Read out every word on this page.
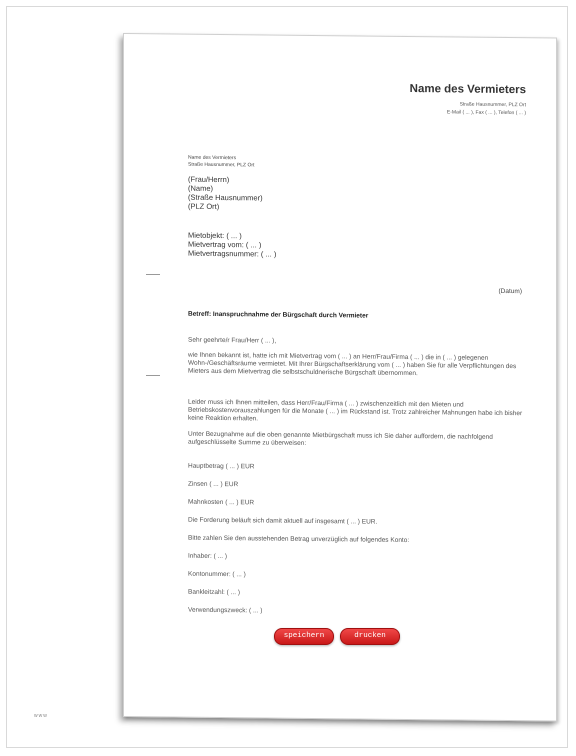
Name des Vermieters
Straße Hausnummer, PLZ Ort
E-Mail ( ... ), Fax ( ... ), Telefon ( ... )
Name des Vermieters
Straße Hausnummer, PLZ Ort
(Frau/Herrn)
(Name)
(Straße Hausnummer)
(PLZ Ort)
Mietobjekt: ( ... )
Mietvertrag vom: ( ... )
Mietvertragsnummer: ( ... )
(Datum)
Betreff: Inanspruchnahme der Bürgschaft durch Vermieter
Sehr geehrte/r Frau/Herr ( ... ),
wie Ihnen bekannt ist, hatte ich mit Mietvertrag vom ( ... ) an Herr/Frau/Firma ( ... ) die in ( ... ) gelegenen Wohn-/Geschäftsräume vermietet. Mit Ihrer Bürgschaftserklärung vom ( ... ) haben Sie für alle Verpflichtungen des Mieters aus dem Mietvertrag die selbstschuldnerische Bürgschaft übernommen.
Leider muss ich Ihnen mitteilen, dass Herr/Frau/Firma ( ... ) zwischenzeitlich mit den Mieten und Betriebskostenvorauszahlungen für die Monate ( ... ) im Rückstand ist. Trotz zahlreicher Mahnungen habe ich bisher keine Reaktion erhalten.
Unter Bezugnahme auf die oben genannte Mietbürgschaft muss ich Sie daher auffordern, die nachfolgend aufgeschlüsselte Summe zu überweisen:
Hauptbetrag ( ... ) EUR
Zinsen ( ... ) EUR
Mahnkosten ( ... ) EUR
Die Forderung beläuft sich damit aktuell auf insgesamt ( ... ) EUR.
Bitte zahlen Sie den ausstehenden Betrag unverzüglich auf folgendes Konto:
Inhaber: ( ... )
Kontonummer: ( ... )
Bankleitzahl: ( ... )
Verwendungszweck: ( ... )
speichern	drucken
www
